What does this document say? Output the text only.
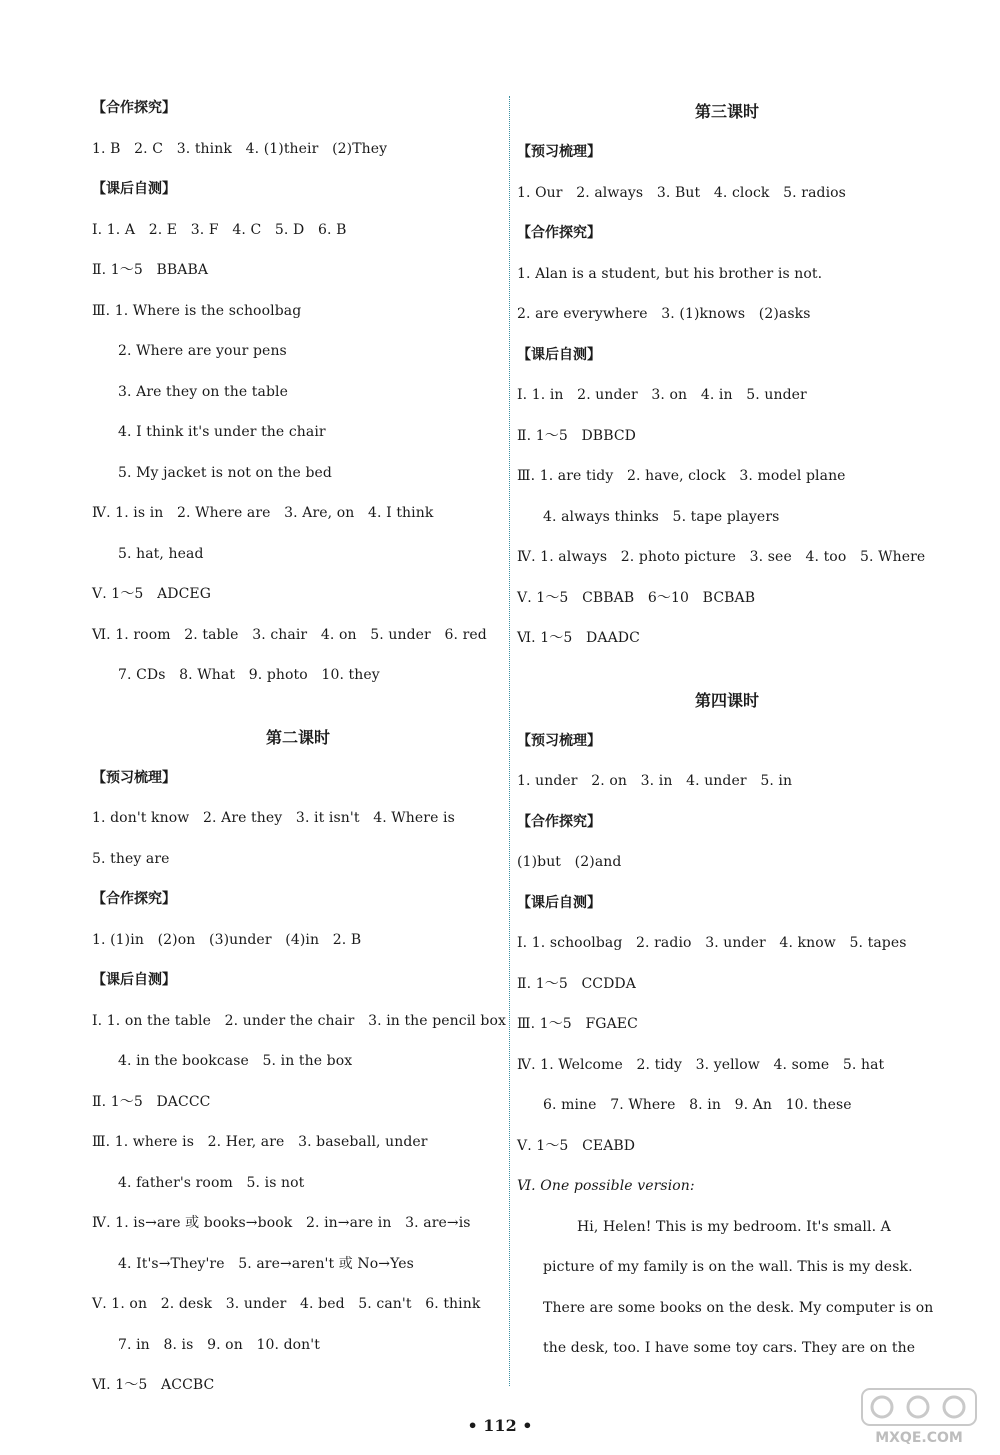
【合作探究】
1. B   2. C   3. think   4. (1)their   (2)They
【课后自测】
Ⅰ. 1. A   2. E   3. F   4. C   5. D   6. B
Ⅱ. 1～5   BBABA
Ⅲ. 1. Where is the schoolbag
2. Where are your pens
3. Are they on the table
4. I think it's under the chair
5. My jacket is not on the bed
Ⅳ. 1. is in   2. Where are   3. Are, on   4. I think
5. hat, head
Ⅴ. 1～5   ADCEG
Ⅵ. 1. room   2. table   3. chair   4. on   5. under   6. red
7. CDs   8. What   9. photo   10. they
第二课时
【预习梳理】
1. don't know   2. Are they   3. it isn't   4. Where is
5. they are
【合作探究】
1. (1)in   (2)on   (3)under   (4)in   2. B
【课后自测】
Ⅰ. 1. on the table   2. under the chair   3. in the pencil box
4. in the bookcase   5. in the box
Ⅱ. 1～5   DACCC
Ⅲ. 1. where is   2. Her, are   3. baseball, under
4. father's room   5. is not
Ⅳ. 1. is→are 或 books→book   2. in→are in   3. are→is
4. It's→They're   5. are→aren't 或 No→Yes
Ⅴ. 1. on   2. desk   3. under   4. bed   5. can't   6. think
7. in   8. is   9. on   10. don't
Ⅵ. 1～5   ACCBC
第三课时
【预习梳理】
1. Our   2. always   3. But   4. clock   5. radios
【合作探究】
1. Alan is a student, but his brother is not.
2. are everywhere   3. (1)knows   (2)asks
【课后自测】
Ⅰ. 1. in   2. under   3. on   4. in   5. under
Ⅱ. 1～5   DBBCD
Ⅲ. 1. are tidy   2. have, clock   3. model plane
4. always thinks   5. tape players
Ⅳ. 1. always   2. photo picture   3. see   4. too   5. Where
Ⅴ. 1～5   CBBAB   6～10   BCBAB
Ⅵ. 1～5   DAADC
第四课时
【预习梳理】
1. under   2. on   3. in   4. under   5. in
【合作探究】
(1)but   (2)and
【课后自测】
Ⅰ. 1. schoolbag   2. radio   3. under   4. know   5. tapes
Ⅱ. 1～5   CCDDA
Ⅲ. 1～5   FGAEC
Ⅳ. 1. Welcome   2. tidy   3. yellow   4. some   5. hat
6. mine   7. Where   8. in   9. An   10. these
Ⅴ. 1～5   CEABD
Ⅵ. One possible version:
Hi, Helen! This is my bedroom. It's small. A
picture of my family is on the wall. This is my desk.
There are some books on the desk. My computer is on
the desk, too. I have some toy cars. They are on the
• 112 •
MXQE.COM
